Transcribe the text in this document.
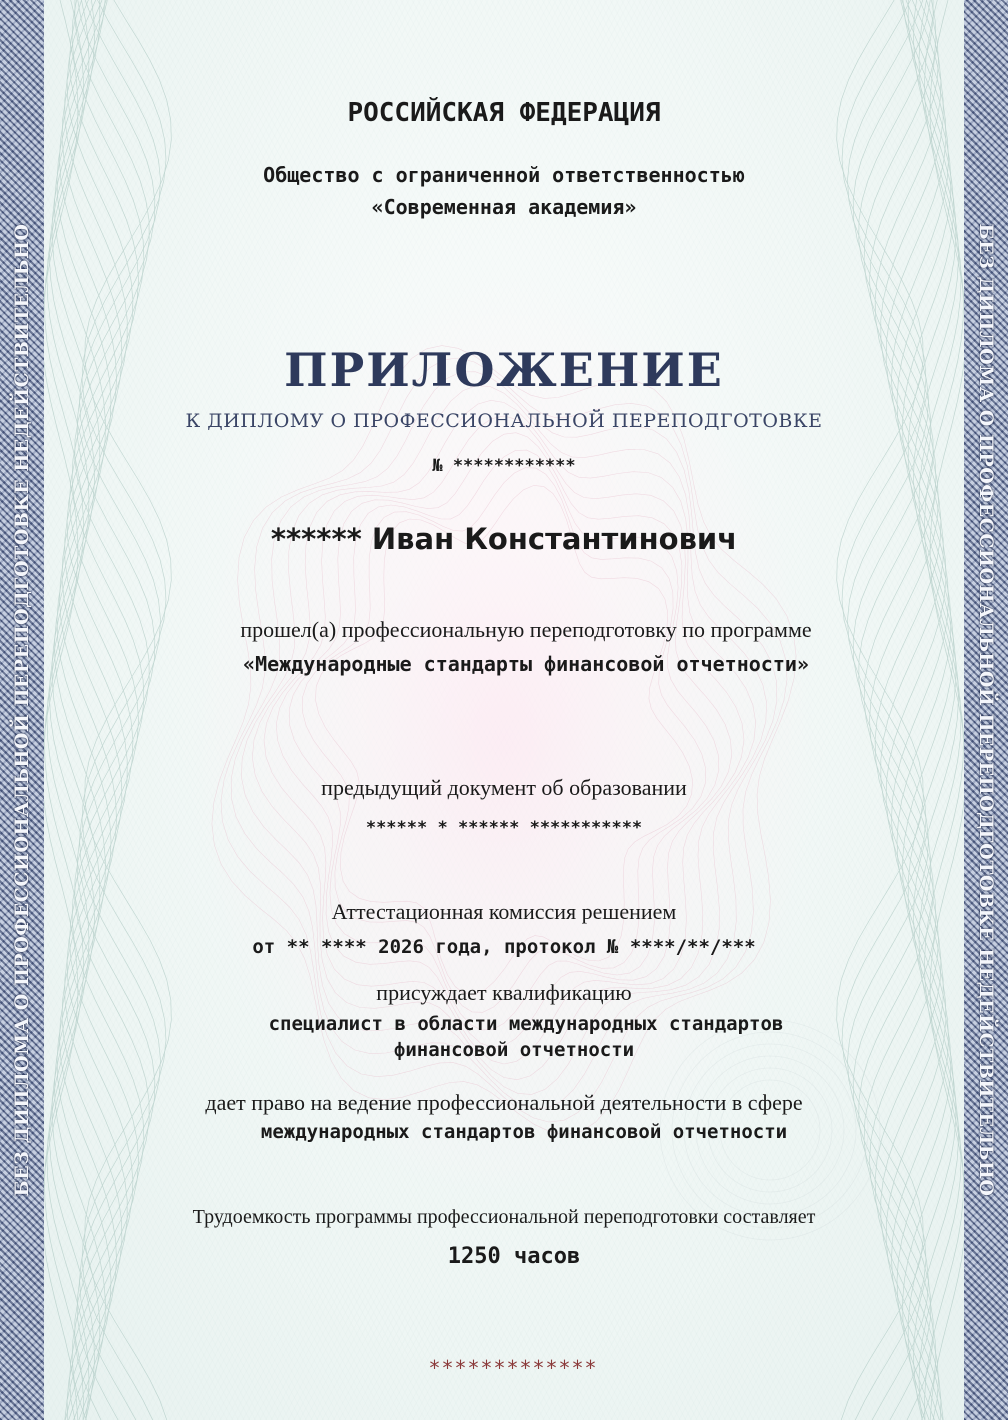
БЕЗ ДИПЛОМА О ПРОФЕССИОНАЛЬНОЙ ПЕРЕПОДГОТОВКЕ НЕДЕЙСТВИТЕЛЬНО	БЕЗ ДИПЛОМА О ПРОФЕССИОНАЛЬНОЙ ПЕРЕПОДГОТОВКЕ НЕДЕЙСТВИТЕЛЬНО
РОССИЙСКАЯ ФЕДЕРАЦИЯ
Общество с ограниченной ответственностью
«Современная академия»
ПРИЛОЖЕНИЕ
К ДИПЛОМУ О ПРОФЕССИОНАЛЬНОЙ ПЕРЕПОДГОТОВКЕ
№ ************
****** Иван Константинович
прошел(а) профессиональную переподготовку по программе
«Международные стандарты финансовой отчетности»
предыдущий документ об образовании
****** * ****** ***********
Аттестационная комиссия решением
от ** **** 2026 года, протокол № ****/**/***
присуждает квалификацию
специалист в области международных стандартов
финансовой отчетности
дает право на ведение профессиональной деятельности в сфере
международных стандартов финансовой отчетности
Трудоемкость программы профессиональной переподготовки составляет
1250 часов
*************
